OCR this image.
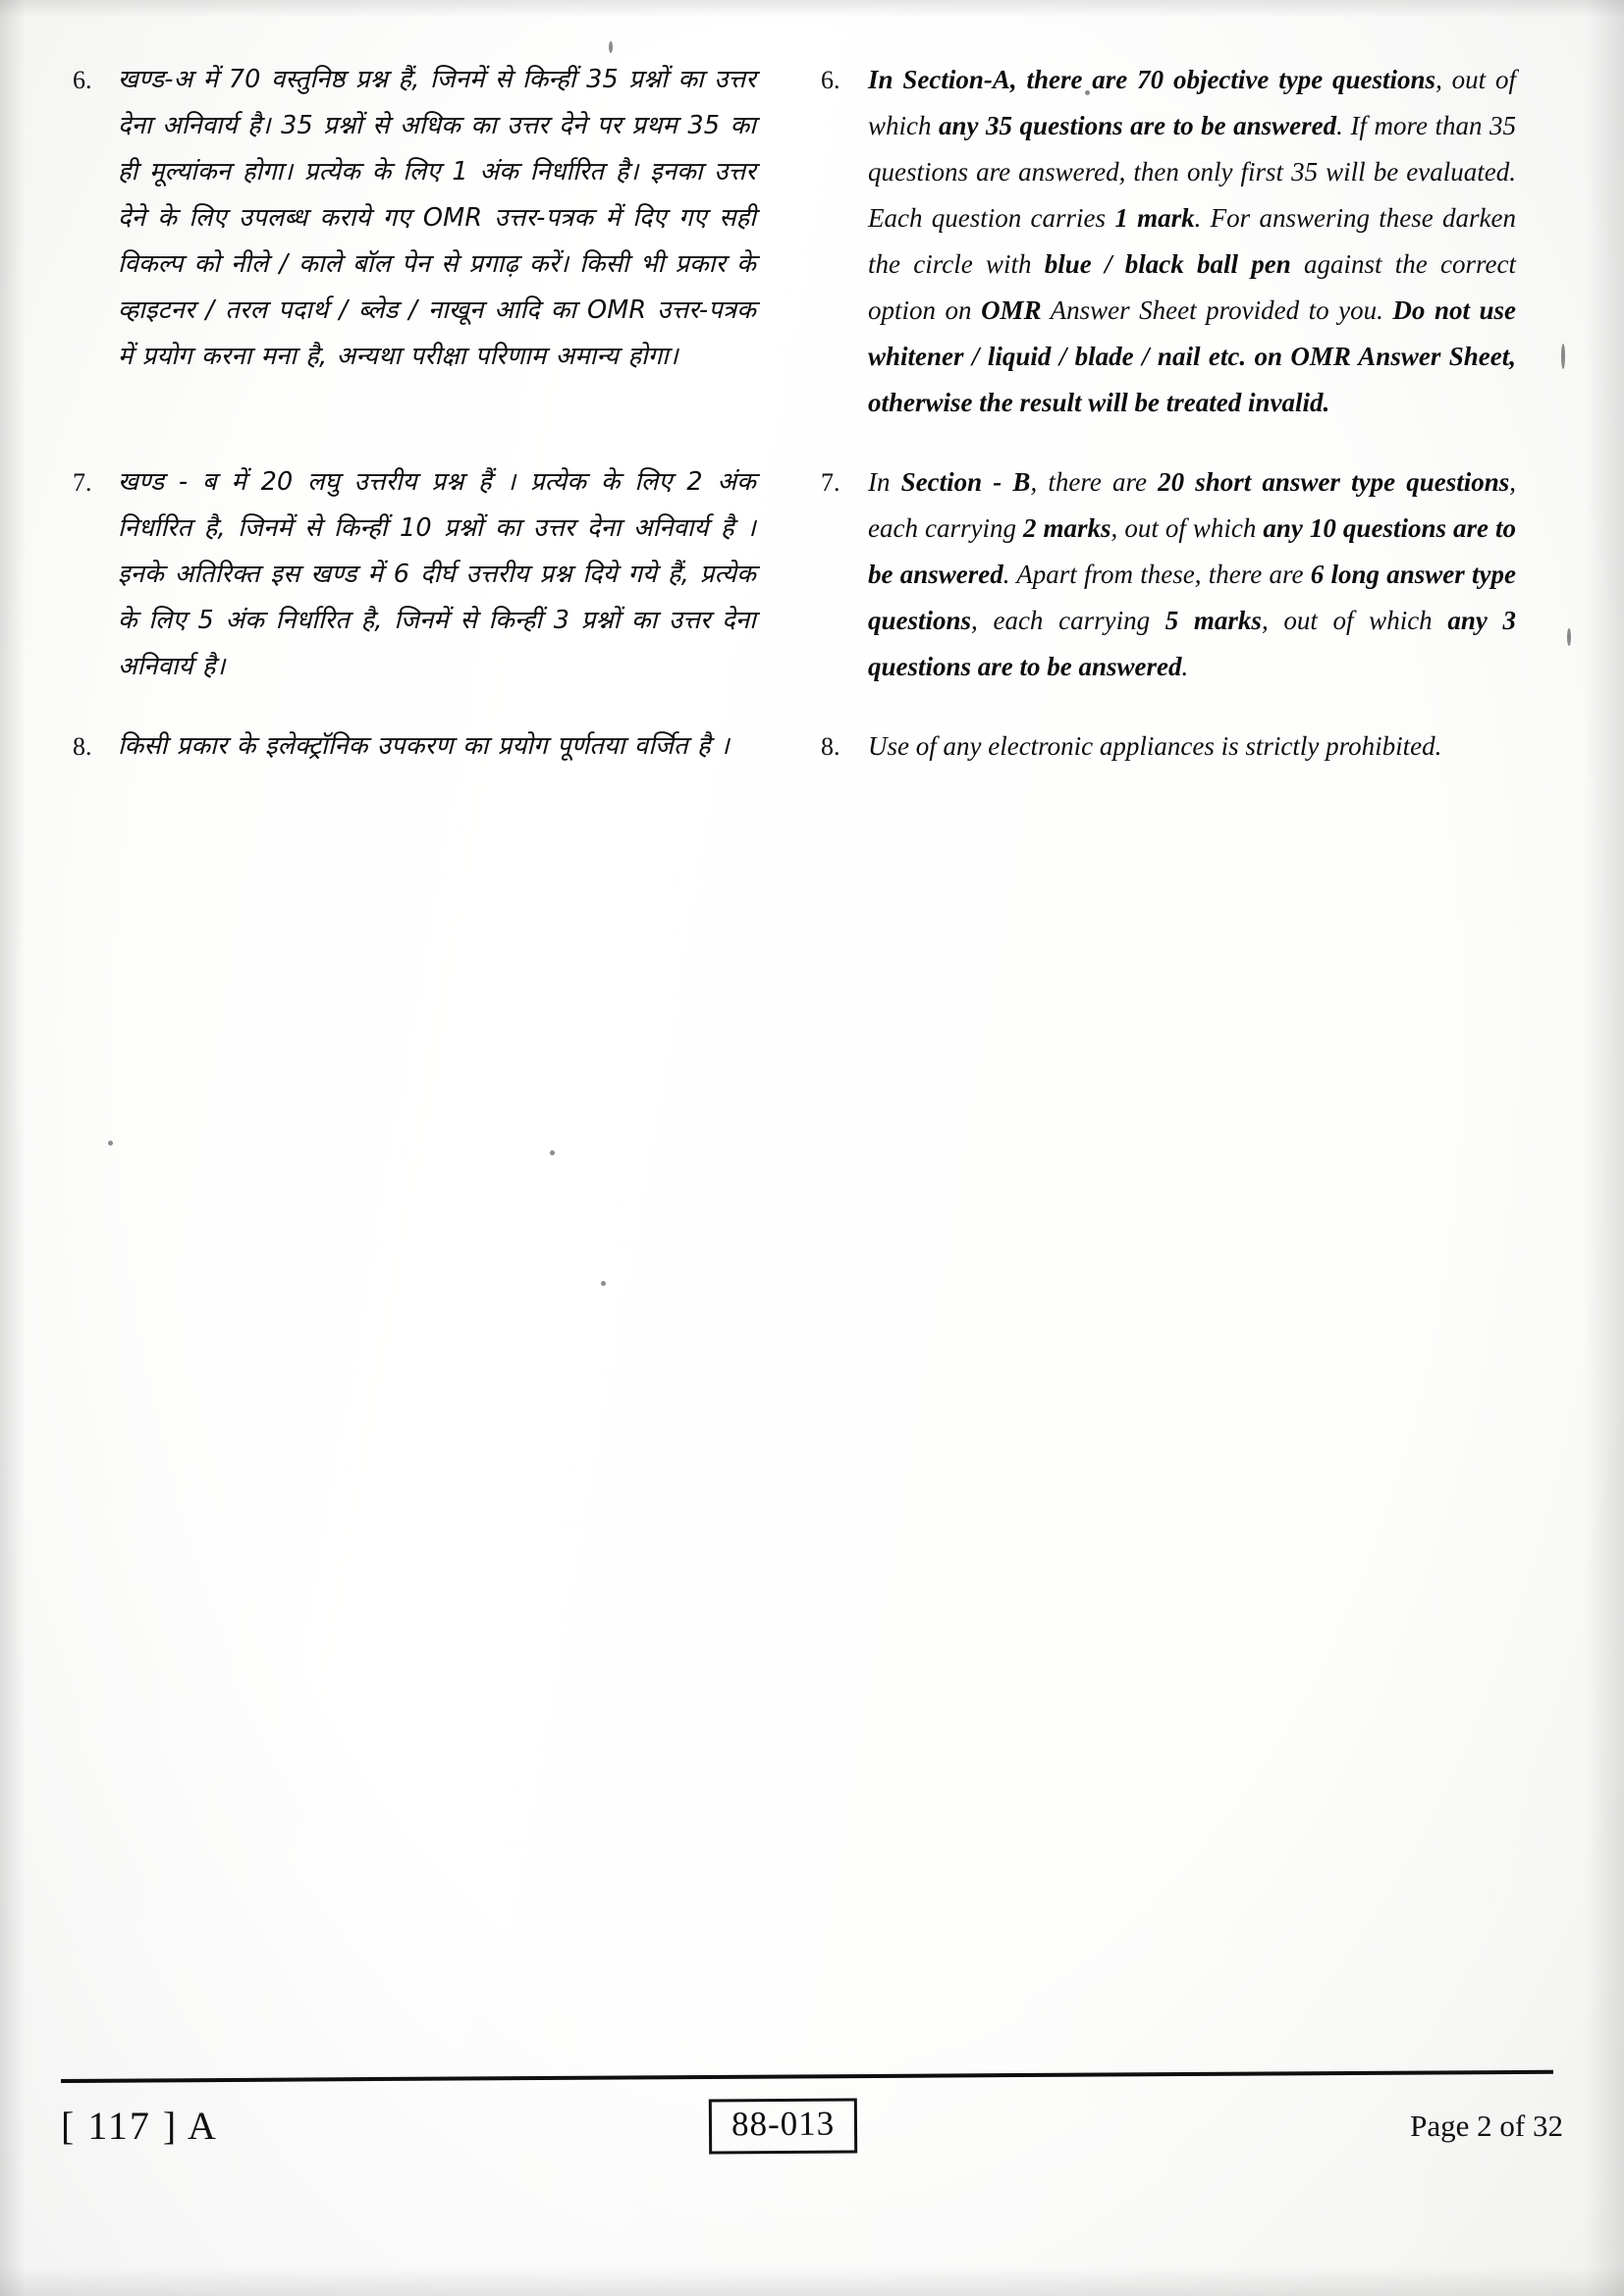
6.	खण्ड-अ में 70 वस्तुनिष्ठ प्रश्न हैं, जिनमें से किन्हीं 35 प्रश्नों का उत्तर देना अनिवार्य है। 35 प्रश्नों से अधिक का उत्तर देने पर प्रथम 35 का ही मूल्यांकन होगा। प्रत्येक के लिए 1 अंक निर्धारित है। इनका उत्तर देने के लिए उपलब्ध कराये गए OMR उत्तर-पत्रक में दिए गए सही विकल्प को नीले / काले बॉल पेन से प्रगाढ़ करें। किसी भी प्रकार के व्हाइटनर / तरल पदार्थ / ब्लेड / नाखून आदि का OMR उत्तर-पत्रक में प्रयोग करना मना है, अन्यथा परीक्षा परिणाम अमान्य होगा।
6.	In Section-A, there are 70 objective type questions, out of which any 35 questions are to be answered. If more than 35 questions are answered, then only first 35 will be evaluated. Each question carries 1 mark. For answering these darken the circle with blue / black ball pen against the correct option on OMR Answer Sheet provided to you. Do not use whitener / liquid / blade / nail etc. on OMR Answer Sheet, otherwise the result will be treated invalid.
7.	खण्ड - ब में 20 लघु उत्तरीय प्रश्न हैं । प्रत्येक के लिए 2 अंक निर्धारित है, जिनमें से किन्हीं 10 प्रश्नों का उत्तर देना अनिवार्य है । इनके अतिरिक्त इस खण्ड में 6 दीर्घ उत्तरीय प्रश्न दिये गये हैं, प्रत्येक के लिए 5 अंक निर्धारित है, जिनमें से किन्हीं 3 प्रश्नों का उत्तर देना अनिवार्य है।
7.	In Section - B, there are 20 short answer type questions, each carrying 2 marks, out of which any 10 questions are to be answered. Apart from these, there are 6 long answer type questions, each carrying 5 marks, out of which any 3 questions are to be answered.
8.	किसी प्रकार के इलेक्ट्रॉनिक उपकरण का प्रयोग पूर्णतया वर्जित है ।	8.	Use of any electronic appliances is strictly prohibited.
[ 117 ] A	88-013	Page 2 of 32
